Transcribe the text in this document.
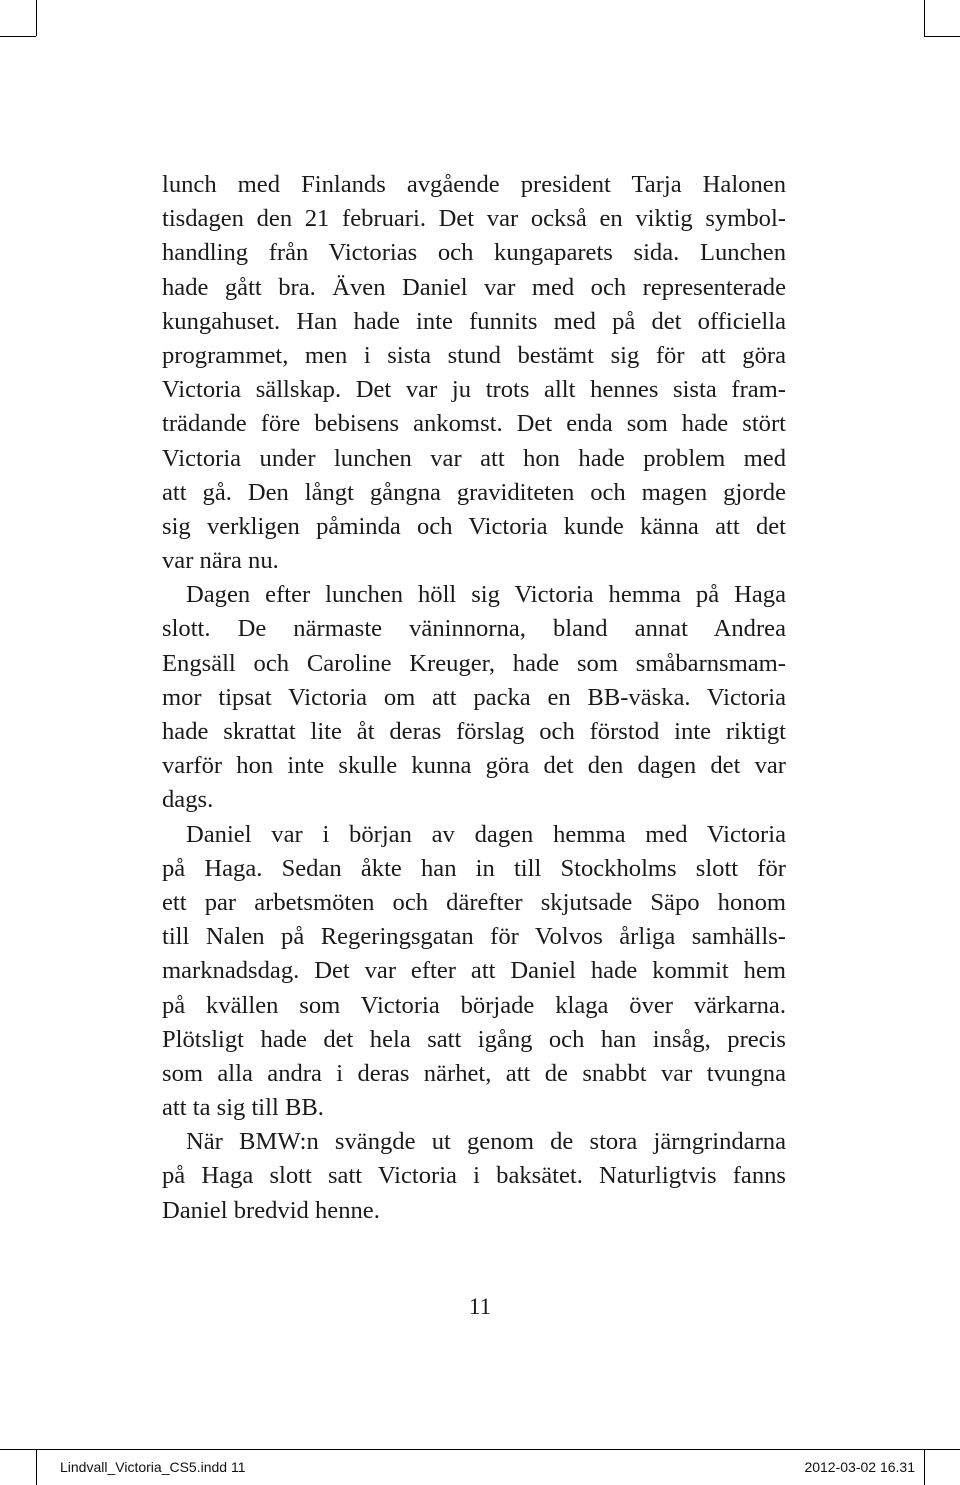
lunch med Finlands avgående president Tarja Halonen
tisdagen den 21 februari. Det var också en viktig symbol-
handling från Victorias och kungaparets sida. Lunchen
hade gått bra. Även Daniel var med och representerade
kungahuset. Han hade inte funnits med på det officiella
programmet, men i sista stund bestämt sig för att göra
Victoria sällskap. Det var ju trots allt hennes sista fram-
trädande före bebisens ankomst. Det enda som hade stört
Victoria under lunchen var att hon hade problem med
att gå. Den långt gångna graviditeten och magen gjorde
sig verkligen påminda och Victoria kunde känna att det
var nära nu.
Dagen efter lunchen höll sig Victoria hemma på Haga
slott. De närmaste väninnorna, bland annat Andrea
Engsäll och Caroline Kreuger, hade som småbarnsmam-
mor tipsat Victoria om att packa en BB-väska. Victoria
hade skrattat lite åt deras förslag och förstod inte riktigt
varför hon inte skulle kunna göra det den dagen det var
dags.
Daniel var i början av dagen hemma med Victoria
på Haga. Sedan åkte han in till Stockholms slott för
ett par arbetsmöten och därefter skjutsade Säpo honom
till Nalen på Regeringsgatan för Volvos årliga samhälls-
marknadsdag. Det var efter att Daniel hade kommit hem
på kvällen som Victoria började klaga över värkarna.
Plötsligt hade det hela satt igång och han insåg, precis
som alla andra i deras närhet, att de snabbt var tvungna
att ta sig till BB.
När BMW:n svängde ut genom de stora järngrindarna
på Haga slott satt Victoria i baksätet. Naturligtvis fanns
Daniel bredvid henne.
11
Lindvall_Victoria_CS5.indd 11	2012-03-02 16.31
